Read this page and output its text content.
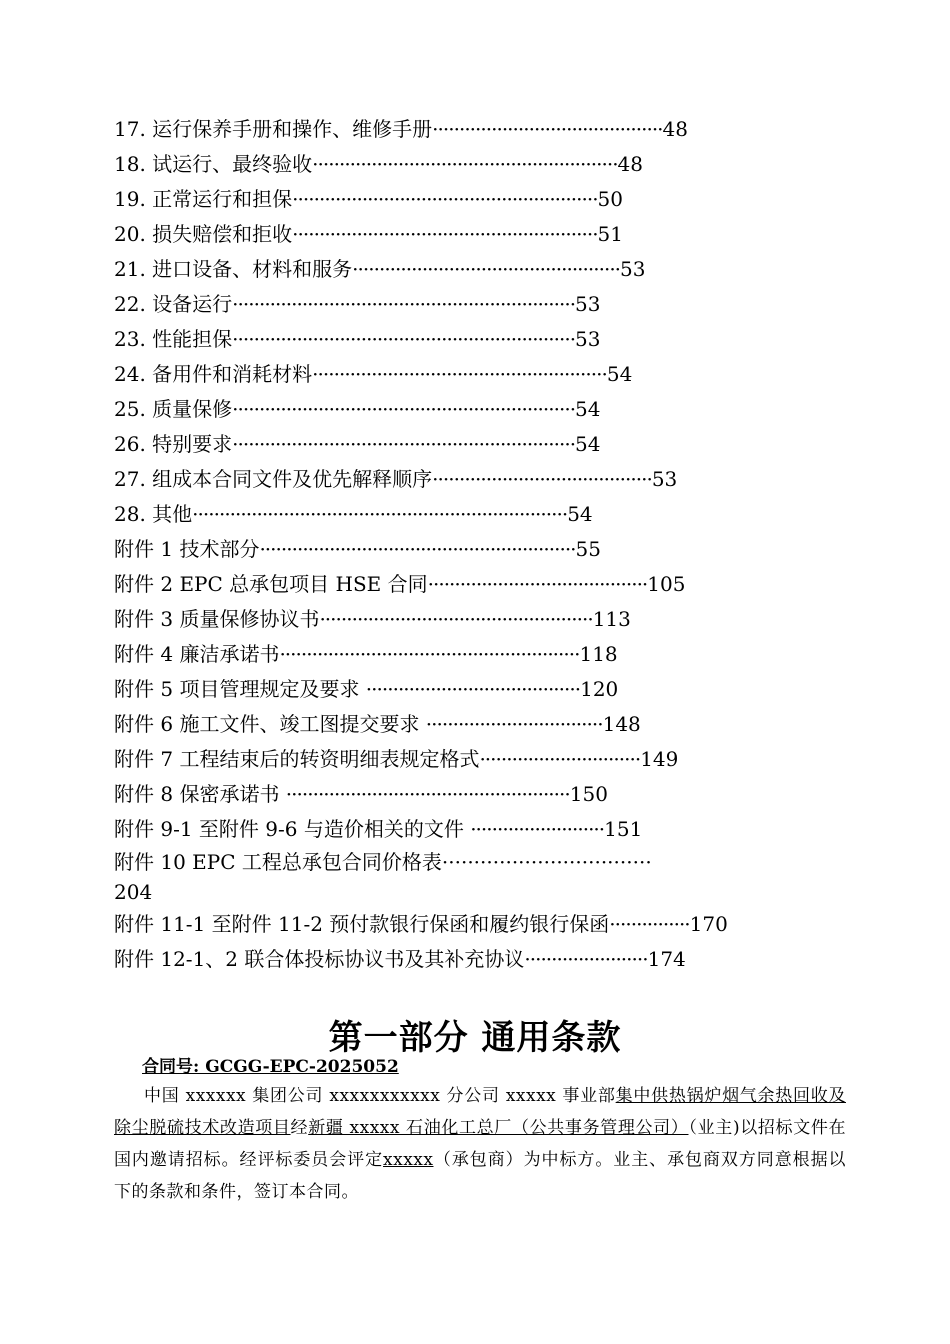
17. 运行保养手册和操作、维修手册···········································48
18. 试运行、最终验收·························································48
19. 正常运行和担保·························································50
20. 损失赔偿和拒收·························································51
21. 进口设备、材料和服务··················································53
22. 设备运行································································53
23. 性能担保································································53
24. 备用件和消耗材料·······················································54
25. 质量保修································································54
26. 特别要求································································54
27. 组成本合同文件及优先解释顺序·········································53
28. 其他······································································54
附件 1 技术部分···························································55
附件 2 EPC 总承包项目 HSE 合同·········································105
附件 3 质量保修协议书···················································113
附件 4 廉洁承诺书························································118
附件 5 项目管理规定及要求 ········································120
附件 6 施工文件、竣工图提交要求 ·································148
附件 7 工程结束后的转资明细表规定格式······························149
附件 8 保密承诺书 ·····················································150
附件 9-1 至附件 9-6 与造价相关的文件 ·························151
附件 10 EPC 工程总承包合同价格表·································
204
附件 11-1 至附件 11-2 预付款银行保函和履约银行保函···············170
附件 12-1、2 联合体投标协议书及其补充协议·······················174
第一部分 通用条款
合同号: GCGG-EPC-2025052
中国 xxxxxx 集团公司 xxxxxxxxxxx 分公司 xxxxx 事业部集中供热锅炉烟气余热回收及除尘脱硫技术改造项目经新疆 xxxxx 石油化工总厂（公共事务管理公司）（业主)以招标文件在国内邀请招标。经评标委员会评定xxxxx（承包商）为中标方。业主、承包商双方同意根据以下的条款和条件，签订本合同。
